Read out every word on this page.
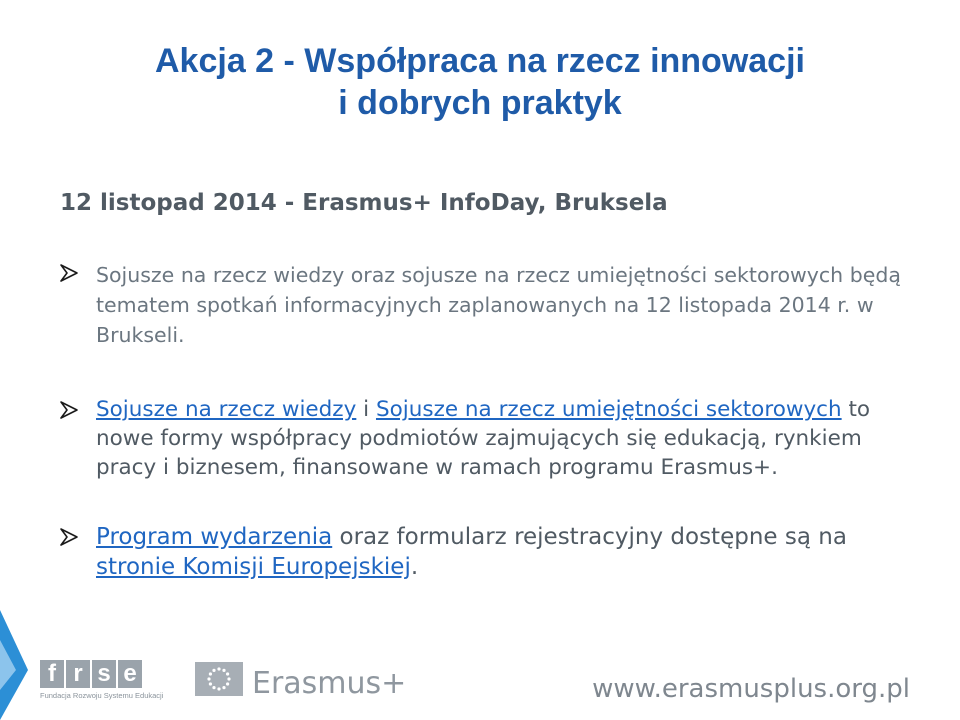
Akcja 2 - Współpraca na rzecz innowacji
i dobrych praktyk

12 listopad 2014 - Erasmus+ InfoDay, Bruksela

Sojusze na rzecz wiedzy oraz sojusze na rzecz umiejętności sektorowych będą tematem spotkań informacyjnych zaplanowanych na 12 listopada 2014 r. w Brukseli.
Sojusze na rzecz wiedzy i Sojusze na rzecz umiejętności sektorowych to nowe formy współpracy podmiotów zajmujących się edukacją, rynkiem pracy i biznesem, finansowane w ramach programu Erasmus+.
Program wydarzenia oraz formularz rejestracyjny dostępne są na stronie Komisji Europejskiej.
f r s e
Fundacja Rozwoju Systemu Edukacji	Erasmus+	www.erasmusplus.org.pl
